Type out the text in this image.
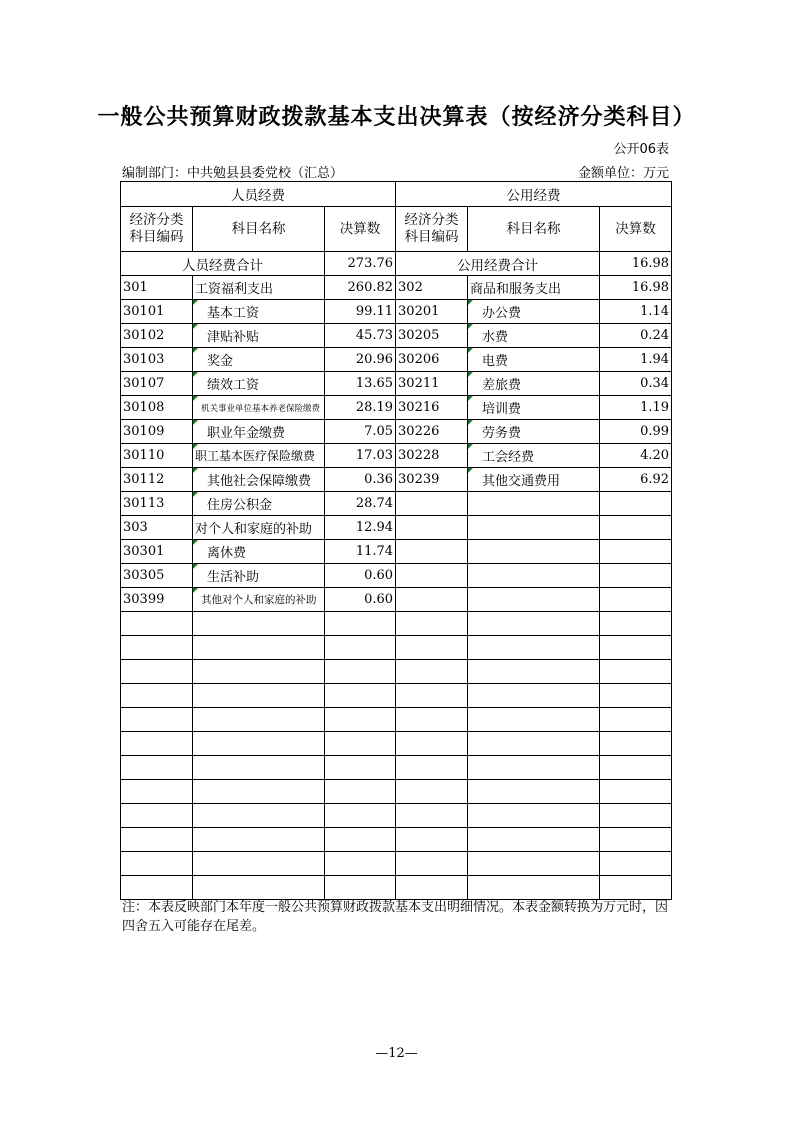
一般公共预算财政拨款基本支出决算表（按经济分类科目）
公开06表
编制部门：中共勉县县委党校（汇总）	金额单位：万元
人员经费			公用经费		
经济分类科目编码	科目名称	决算数	经济分类科目编码	科目名称	决算数
人员经费合计		273.76	公用经费合计		16.98
301	工资福利支出	260.82	302	商品和服务支出	16.98
30101	基本工资	99.11	30201	办公费	1.14
30102	津贴补贴	45.73	30205	水费	0.24
30103	奖金	20.96	30206	电费	1.94
30107	绩效工资	13.65	30211	差旅费	0.34
30108	机关事业单位基本养老保险缴费	28.19	30216	培训费	1.19
30109	职业年金缴费	7.05	30226	劳务费	0.99
30110	职工基本医疗保险缴费	17.03	30228	工会经费	4.20
30112	其他社会保障缴费	0.36	30239	其他交通费用	6.92
30113	住房公积金	28.74			
303	对个人和家庭的补助	12.94			
30301	离休费	11.74			
30305	生活补助	0.60			
30399	其他对个人和家庭的补助	0.60			

注：本表反映部门本年度一般公共预算财政拨款基本支出明细情况。本表金额转换为万元时，因四舍五入可能存在尾差。
—12—
